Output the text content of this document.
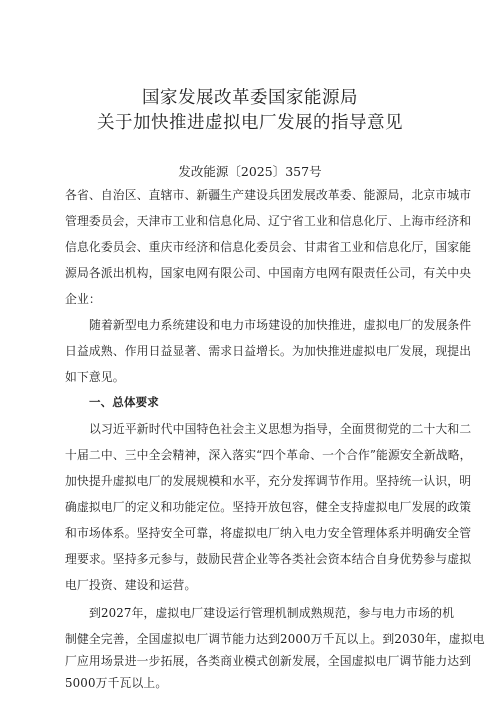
国家发展改革委国家能源局
关于加快推进虚拟电厂发展的指导意见
发改能源〔2025〕357号
各省、自治区、直辖市、新疆生产建设兵团发展改革委、能源局，北京市城市
管理委员会，天津市工业和信息化局、辽宁省工业和信息化厅、上海市经济和
信息化委员会、重庆市经济和信息化委员会、甘肃省工业和信息化厅，国家能
源局各派出机构，国家电网有限公司、中国南方电网有限责任公司，有关中央
企业：
随着新型电力系统建设和电力市场建设的加快推进，虚拟电厂的发展条件
日益成熟、作用日益显著、需求日益增长。为加快推进虚拟电厂发展，现提出
如下意见。
一、总体要求
以习近平新时代中国特色社会主义思想为指导，全面贯彻党的二十大和二
十届二中、三中全会精神，深入落实“四个革命、一个合作”能源安全新战略，
加快提升虚拟电厂的发展规模和水平，充分发挥调节作用。坚持统一认识，明
确虚拟电厂的定义和功能定位。坚持开放包容，健全支持虚拟电厂发展的政策
和市场体系。坚持安全可靠，将虚拟电厂纳入电力安全管理体系并明确安全管
理要求。坚持多元参与，鼓励民营企业等各类社会资本结合自身优势参与虚拟
电厂投资、建设和运营。
到2027年，虚拟电厂建设运行管理机制成熟规范，参与电力市场的机
制健全完善，全国虚拟电厂调节能力达到2000万千瓦以上。到2030年，虚拟电
厂应用场景进一步拓展，各类商业模式创新发展，全国虚拟电厂调节能力达到
5000万千瓦以上。
